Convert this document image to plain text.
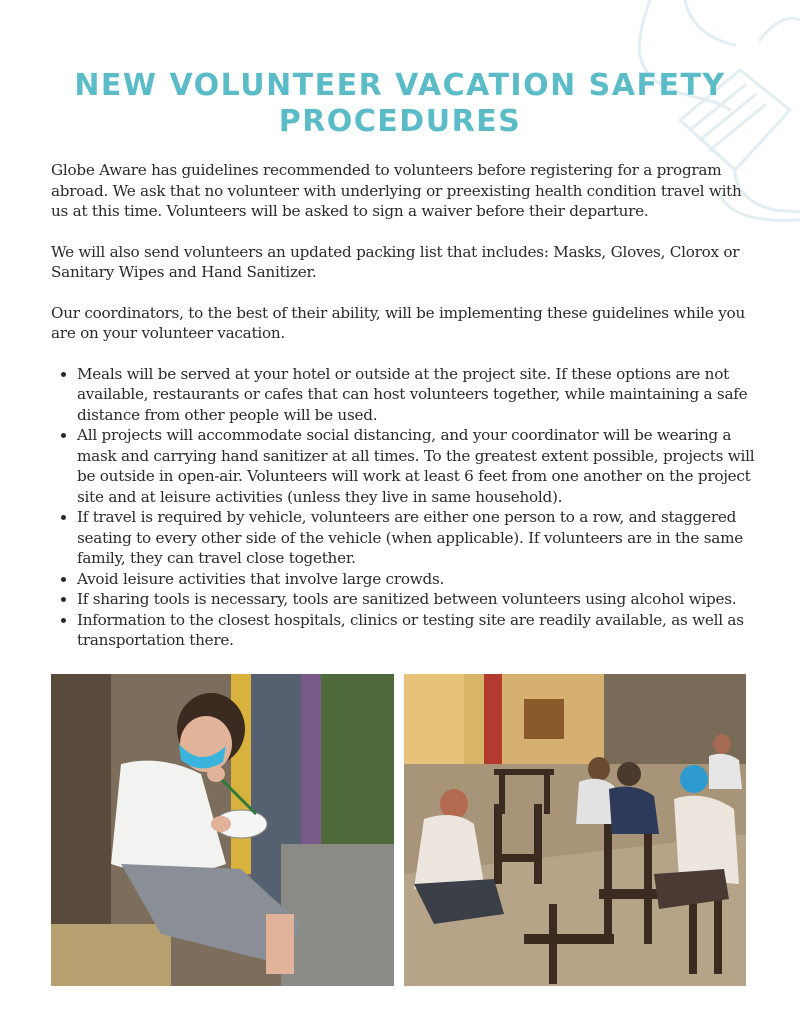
NEW VOLUNTEER VACATION SAFETY PROCEDURES

Globe Aware has guidelines recommended to volunteers before registering for a program abroad. We ask that no volunteer with underlying or preexisting health condition travel with us at this time. Volunteers will be asked to sign a waiver before their departure.

We will also send volunteers an updated packing list that includes: Masks, Gloves, Clorox or Sanitary Wipes and Hand Sanitizer.

Our coordinators, to the best of their ability, will be implementing these guidelines while you are on your volunteer vacation.

• Meals will be served at your hotel or outside at the project site. If these options are not available, restaurants or cafes that can host volunteers together, while maintaining a safe distance from other people will be used.
• All projects will accommodate social distancing, and your coordinator will be wearing a mask and carrying hand sanitizer at all times. To the greatest extent possible, projects will be outside in open-air. Volunteers will work at least 6 feet from one another on the project site and at leisure activities (unless they live in same household).
• If travel is required by vehicle, volunteers are either one person to a row, and staggered seating to every other side of the vehicle (when applicable). If volunteers are in the same family, they can travel close together.
• Avoid leisure activities that involve large crowds.
• If sharing tools is necessary, tools are sanitized between volunteers using alcohol wipes.
• Information to the closest hospitals, clinics or testing site are readily available, as well as transportation there.
